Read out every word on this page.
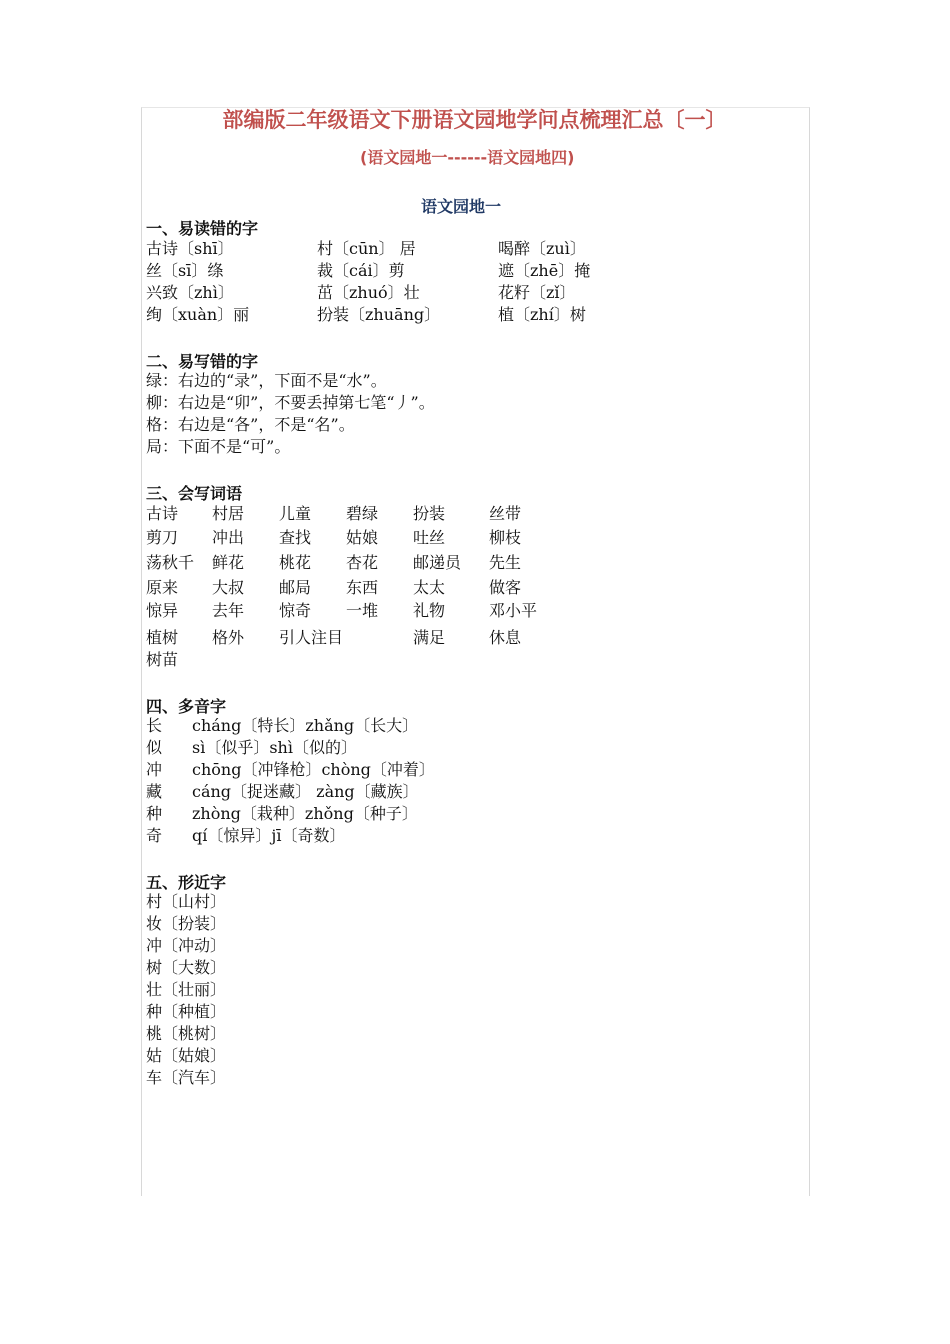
部编版二年级语文下册语文园地学问点梳理汇总〔一〕
(语文园地一------语文园地四)
语文园地一
一、易读错的字
古诗〔shī〕	村〔cūn〕 居	喝醉〔zuì〕
丝〔sī〕绦	裁〔cái〕剪	遮〔zhē〕掩
兴致〔zhì〕	茁〔zhuó〕壮	花籽〔zǐ〕
绚〔xuàn〕丽	扮装〔zhuāng〕	植〔zhí〕树
二、易写错的字
绿：右边的“录”，下面不是“水”。
柳：右边是“卯”，不要丢掉第七笔“丿”。
格：右边是“各”，不是“名”。
局：下面不是“可”。
三、会写词语
古诗 村居 儿童 碧绿 扮装	丝带
剪刀 冲出 查找 姑娘 吐丝	柳枝
荡秋千 鲜花 桃花 杏花 邮递员 先生
原来 大叔 邮局 东西 太太	做客
惊异 去年 惊奇 一堆 礼物	邓小平
植树 格外 引人注目	满足	休息
树苗
四、多音字
长 cháng〔特长〕zhǎng〔长大〕
似 sì〔似乎〕shì〔似的〕
冲 chōng〔冲锋枪〕chòng〔冲着〕
藏 cáng〔捉迷藏〕 zàng〔藏族〕
种 zhòng〔栽种〕zhǒng〔种子〕
奇 qí〔惊异〕jī〔奇数〕
五、形近字
村〔山村〕
妆〔扮装〕
冲〔冲动〕
树〔大数〕
壮〔壮丽〕
种〔种植〕
桃〔桃树〕
姑〔姑娘〕
车〔汽车〕
